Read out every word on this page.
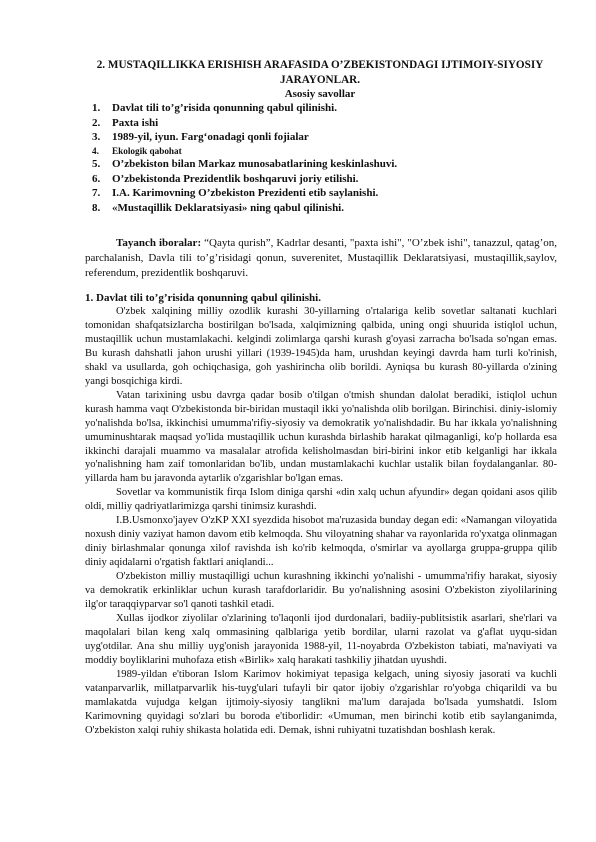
2. MUSTAQILLIKKA ERISHISH ARAFASIDA O’ZBEKISTONDAGI IJTIMOIY-SIYOSIY JARAYONLAR.
Asosiy savollar
1.	Davlat tili to’g’risida qonunning qabul qilinishi.
2.	Paxta ishi
3.	1989-yil, iyun. Farg‘onadagi qonli fojialar
4.	Ekologik qabohat
5.	O’zbekiston bilan Markaz munosabatlarining keskinlashuvi.
6.	O’zbekistonda Prezidentlik boshqaruvi joriy etilishi.
7.	I.A. Karimovning O’zbekiston Prezidenti etib saylanishi.
8.	«Mustaqillik Deklaratsiyasi» ning qabul qilinishi.
Tayanch iboralar: “Qayta qurish”, Kadrlar desanti, "paxta ishi", "O’zbek ishi", tanazzul, qatag’on, parchalanish, Davla tili to’g’risidagi qonun, suverenitet, Mustaqillik Deklaratsiyasi, mustaqillik,saylov, referendum, prezidentlik boshqaruvi.
1. Davlat tili to’g’risida qonunning qabul qilinishi.

O'zbek xalqining milliy ozodlik kurashi 30-yillarning o'rtalariga kelib sovetlar saltanati kuchlari tomonidan shafqatsizlarcha bostirilgan bo'lsada, xalqimizning qalbida, uning ongi shuurida istiqlol uchun, mustaqillik uchun mustamlakachi. kelgindi zolimlarga qarshi kurash g'oyasi zarracha bo'lsada so'ngan emas. Bu kurash dahshatli jahon urushi yillari (1939-1945)da ham, urushdan keyingi davrda ham turli ko'rinish, shakl va usullarda, goh ochiqchasiga, goh yashirincha olib borildi. Ayniqsa bu kurash 80-yillarda o'zining yangi bosqichiga kirdi.

Vatan tarixining usbu davrga qadar bosib o'tilgan o'tmish shundan dalolat beradiki, istiqlol uchun kurash hamma vaqt O'zbekistonda bir-biridan mustaqil ikki yo'nalishda olib borilgan. Birinchisi. diniy-islomiy yo'nalishda bo'lsa, ikkinchisi umumma'rifiy-siyosiy va demokratik yo'nalishdadir. Bu har ikkala yo'nalishning umuminushtarak maqsad yo'lida mustaqillik uchun kurashda birlashib harakat qilmaganligi, ko'p hollarda esa ikkinchi darajali muammo va masalalar atrofida kelisholmasdan biri-birini inkor etib kelganligi har ikkala yo'nalishning ham zaif tomonlaridan bo'lib, undan mustamlakachi kuchlar ustalik bilan foydalanganlar. 80-yillarda ham bu jaravonda aytarlik o'zgarishlar bo'lgan emas.

Sovetlar va kommunistik firqa Islom diniga qarshi «din xalq uchun afyundir» degan qoidani asos qilib oldi, milliy qadriyatlarimizga qarshi tinimsiz kurashdi.

I.B.Usmonxo'jayev O'zKP XXI syezdida hisobot ma'ruzasida bunday degan edi: «Namangan viloyatida noxush diniy vaziyat hamon davom etib kelmoqda. Shu viloyatning shahar va rayonlarida ro'yxatga olinmagan diniy birlashmalar qonunga xilof ravishda ish ko'rib kelmoqda, o'smirlar va ayollarga gruppa-gruppa qilib diniy aqidalarni o'rgatish faktlari aniqlandi...

O'zbekiston milliy mustaqilligi uchun kurashning ikkinchi yo'nalishi - umumma'rifiy harakat, siyosiy va demokratik erkinliklar uchun kurash tarafdorlaridir. Bu yo'nalishning asosini O'zbekiston ziyolilarining ilg'or taraqqiyparvar so'l qanoti tashkil etadi.

Xullas ijodkor ziyolilar o'zlarining to'laqonli ijod durdonalari, badiiy-publitsistik asarlari, she'rlari va maqolalari bilan keng xalq ommasining qalblariga yetib bordilar, ularni razolat va g'aflat uyqu-sidan uyg'otdilar. Ana shu milliy uyg'onish jarayonida 1988-yil, 11-noyabrda O'zbekiston tabiati, ma'naviyati va moddiy boyliklarini muhofaza etish «Birlik» xalq harakati tashkiliy jihatdan uyushdi.

1989-yildan e'tiboran Islom Karimov hokimiyat tepasiga kelgach, uning siyosiy jasorati va kuchli vatanparvarlik, millatparvarlik his-tuyg'ulari tufayli bir qator ijobiy o'zgarishlar ro'yobga chiqarildi va bu mamlakatda vujudga kelgan ijtimoiy-siyosiy tanglikni ma'lum darajada bo'lsada yumshatdi. Islom Karimovning quyidagi so'zlari bu boroda e'tiborlidir: «Umuman, men birinchi kotib etib saylanganimda, O'zbekiston xalqi ruhiy shikasta holatida edi. Demak, ishni ruhiyatni tuzatishdan boshlash kerak.
